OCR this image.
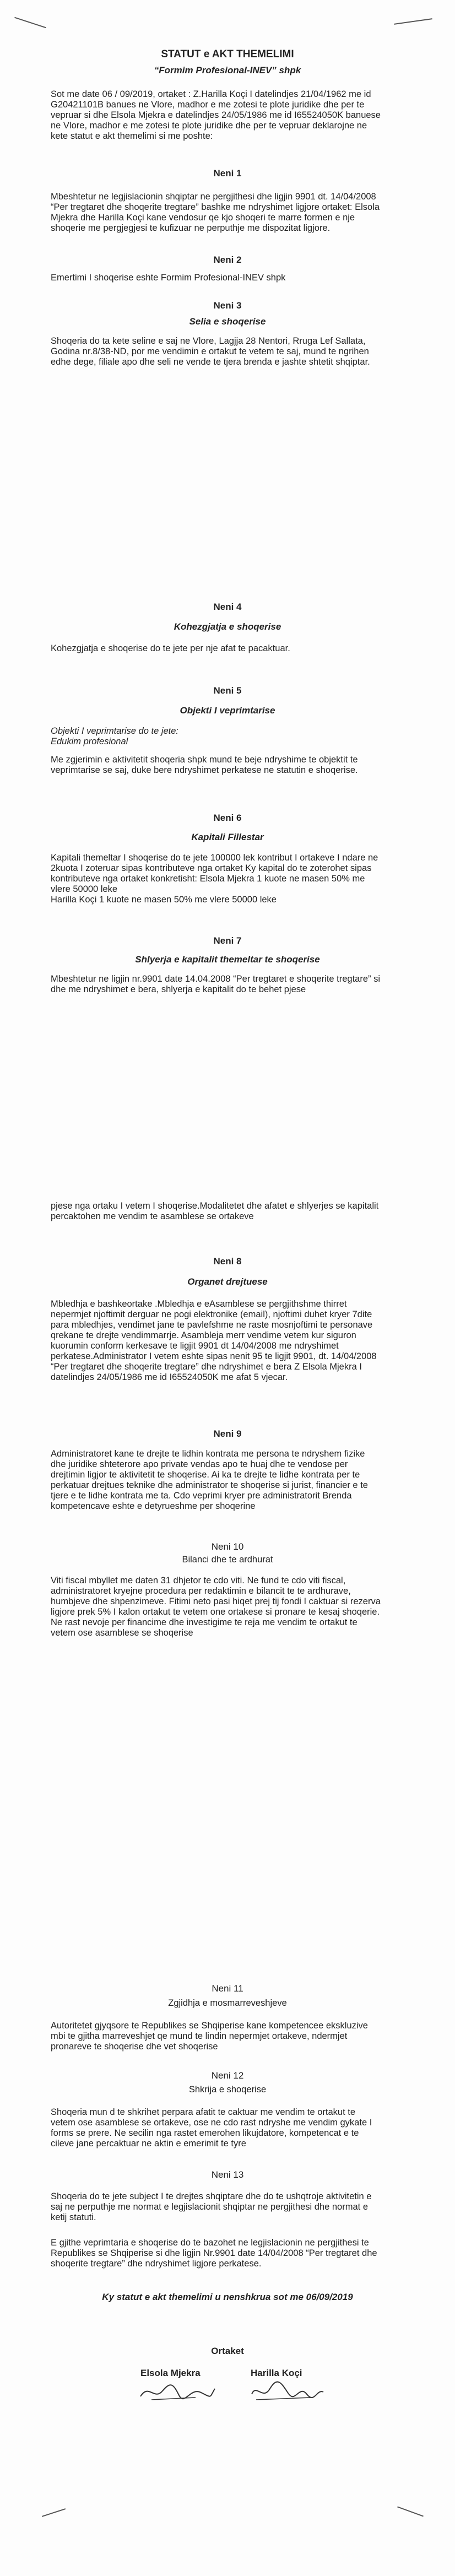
STATUT e AKT THEMELIMI
“Formim Profesional-INEV” shpk
Sot me date 06 / 09/2019, ortaket : Z.Harilla Koçi I datelindjes 21/04/1962 me id G20421101B banues ne Vlore, madhor e me zotesi te plote juridike dhe per te vepruar si dhe Elsola Mjekra e datelindjes 24/05/1986 me id I65524050K banuese ne Vlore, madhor e me zotesi te plote juridike dhe per te vepruar deklarojne ne kete statut e akt themelimi si me poshte:
Neni 1
Mbeshtetur ne legjislacionin shqiptar ne pergjithesi dhe ligjin 9901 dt. 14/04/2008 “Per tregtaret dhe shoqerite tregtare” bashke me ndryshimet ligjore ortaket: Elsola Mjekra dhe Harilla Koçi kane vendosur qe kjo shoqeri te marre formen e nje shoqerie me pergjegjesi te kufizuar ne perputhje me dispozitat ligjore.
Neni 2
Emertimi I shoqerise eshte Formim Profesional-INEV shpk
Neni 3
Selia e shoqerise
Shoqeria do ta kete seline e saj ne Vlore, Lagjja 28 Nentori, Rruga Lef Sallata, Godina nr.8/38-ND, por me vendimin e ortakut te vetem te saj, mund te ngrihen edhe dege, filiale apo dhe seli ne vende te tjera brenda e jashte shtetit shqiptar.
Neni 4
Kohezgjatja e shoqerise
Kohezgjatja e shoqerise do te jete per nje afat te pacaktuar.
Neni 5
Objekti I veprimtarise
Objekti I veprimtarise do te jete:
Edukim profesional
Me zgjerimin e aktivitetit shoqeria shpk mund te beje ndryshime te objektit te veprimtarise se saj, duke bere ndryshimet perkatese ne statutin e shoqerise.
Neni 6
Kapitali Fillestar
Kapitali themeltar I shoqerise do te jete 100000 lek kontribut I ortakeve I ndare ne 2kuota I zoteruar sipas kontributeve nga ortaket Ky kapital do te zoterohet sipas kontributeve nga ortaket konkretisht: Elsola Mjekra 1 kuote ne masen 50% me vlere 50000 leke
Harilla Koçi 1 kuote ne masen 50% me vlere 50000 leke
Neni 7
Shlyerja e kapitalit themeltar te shoqerise
Mbeshtetur ne ligjin nr.9901 date 14.04.2008 “Per tregtaret e shoqerite tregtare” si dhe me ndryshimet e bera, shlyerja e kapitalit do te behet pjese
pjese nga ortaku I vetem I shoqerise.Modalitetet dhe afatet e shlyerjes se kapitalit percaktohen me vendim te asamblese se ortakeve
Neni 8
Organet drejtuese
Mbledhja e bashkeortake .Mbledhja e eAsamblese se pergjithshme thirret nepermjet njoftimit derguar ne pogi elektronike (email), njoftimi duhet kryer 7dite para mbledhjes, vendimet jane te pavlefshme ne raste mosnjoftimi te personave qrekane te drejte vendimmarrje. Asambleja merr vendime vetem kur siguron kuorumin conform kerkesave te ligjit 9901 dt 14/04/2008 me ndryshimet perkatese.Administrator I vetem eshte sipas nenit 95 te ligjit 9901, dt. 14/04/2008 “Per tregtaret dhe shoqerite tregtare” dhe ndryshimet e bera Z Elsola Mjekra I datelindjes 24/05/1986 me id I65524050K me afat 5 vjecar.
Neni 9
Administratoret kane te drejte te lidhin kontrata me persona te ndryshem fizike dhe juridike shteterore apo private vendas apo te huaj dhe te vendose per drejtimin ligjor te aktivitetit te shoqerise. Ai ka te drejte te lidhe kontrata per te perkatuar drejtues teknike dhe administrator te shoqerise si jurist, financier e te tjere e te lidhe kontrata me ta. Cdo veprimi kryer pre administratorit Brenda kompetencave eshte e detyrueshme per shoqerine
Neni 10
Bilanci dhe te ardhurat
Viti fiscal mbyllet me daten 31 dhjetor te cdo viti. Ne fund te cdo viti fiscal, administratoret kryejne procedura per redaktimin e bilancit te te ardhurave, humbjeve dhe shpenzimeve. Fitimi neto pasi hiqet prej tij fondi I caktuar si rezerva ligjore prek 5% I kalon ortakut te vetem one ortakese si pronare te kesaj shoqerie. Ne rast nevoje per financime dhe investigime te reja me vendim te ortakut te vetem ose asamblese se shoqerise
Neni 11
Zgjidhja e mosmarreveshjeve
Autoritetet gjyqsore te Republikes se Shqiperise kane kompetencee ekskluzive mbi te gjitha marreveshjet qe mund te lindin nepermjet ortakeve, ndermjet pronareve te shoqerise dhe vet shoqerise
Neni 12
Shkrija e shoqerise
Shoqeria mun d te shkrihet perpara afatit te caktuar me vendim te ortakut te vetem ose asamblese se ortakeve, ose ne cdo rast ndryshe me vendim gykate I forms se prere. Ne secilin nga rastet emerohen likujdatore, kompetencat e te cileve jane percaktuar ne aktin e emerimit te tyre
Neni 13
Shoqeria do te jete subject I te drejtes shqiptare dhe do te ushqtroje aktivitetin e saj ne perputhje me normat e legjislacionit shqiptar ne pergjithesi dhe normat e ketij statuti.
E gjithe veprimtaria e shoqerise do te bazohet ne legjislacionin ne pergjithesi te Republikes se Shqiperise si dhe ligjin Nr.9901 date 14/04/2008 “Per tregtaret dhe shoqerite tregtare” dhe ndryshimet ligjore perkatese.
Ky statut e akt themelimi u nenshkrua sot me 06/09/2019
Ortaket
Elsola Mjekra	Harilla Koçi
